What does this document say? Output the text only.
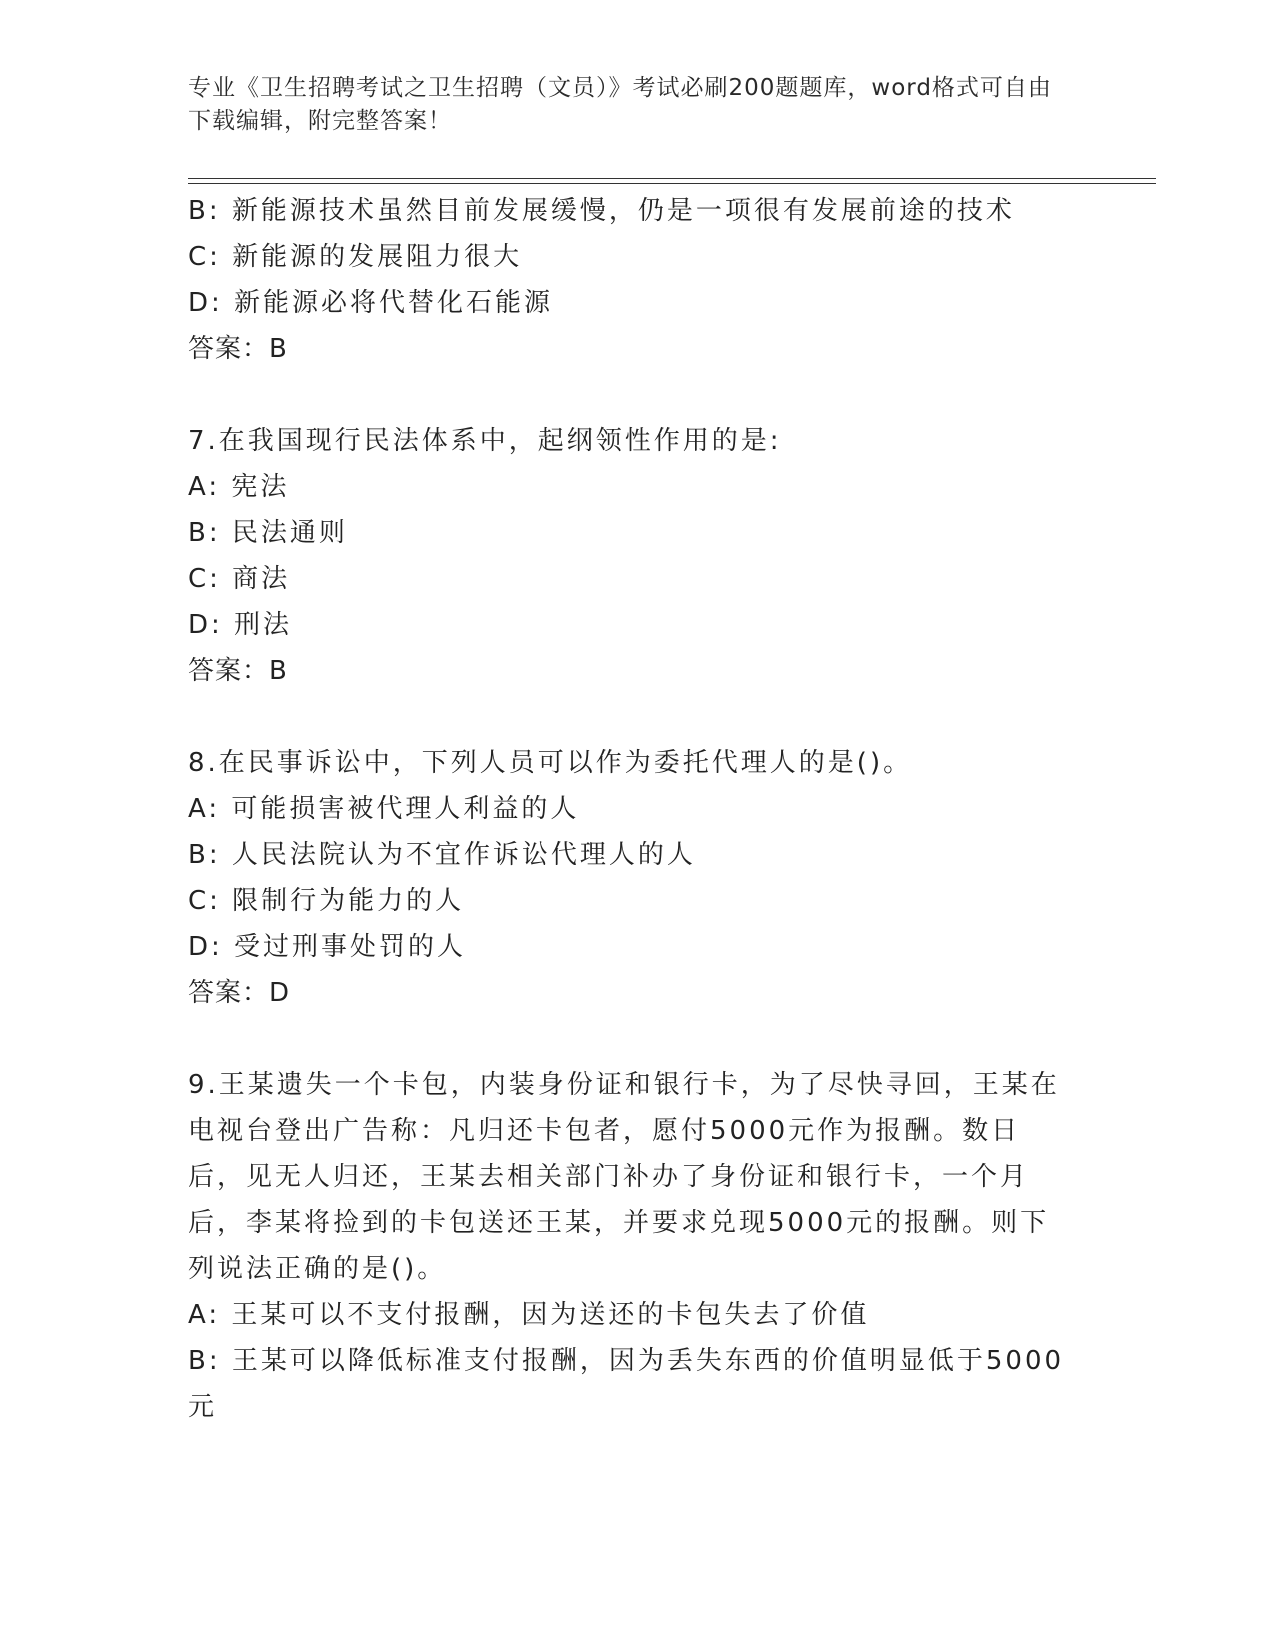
专业《卫生招聘考试之卫生招聘（文员）》考试必刷200题题库，word格式可自由下载编辑，附完整答案！
B: 新能源技术虽然目前发展缓慢，仍是一项很有发展前途的技术
C: 新能源的发展阻力很大
D: 新能源必将代替化石能源
答案：B
7.在我国现行民法体系中，起纲领性作用的是:
A: 宪法
B: 民法通则
C: 商法
D: 刑法
答案：B
8.在民事诉讼中，下列人员可以作为委托代理人的是()。
A: 可能损害被代理人利益的人
B: 人民法院认为不宜作诉讼代理人的人
C: 限制行为能力的人
D: 受过刑事处罚的人
答案：D
9.王某遗失一个卡包，内装身份证和银行卡，为了尽快寻回，王某在电视台登出广告称：凡归还卡包者，愿付5000元作为报酬。数日后，见无人归还，王某去相关部门补办了身份证和银行卡，一个月后，李某将捡到的卡包送还王某，并要求兑现5000元的报酬。则下列说法正确的是()。
A: 王某可以不支付报酬，因为送还的卡包失去了价值
B: 王某可以降低标准支付报酬，因为丢失东西的价值明显低于5000元
